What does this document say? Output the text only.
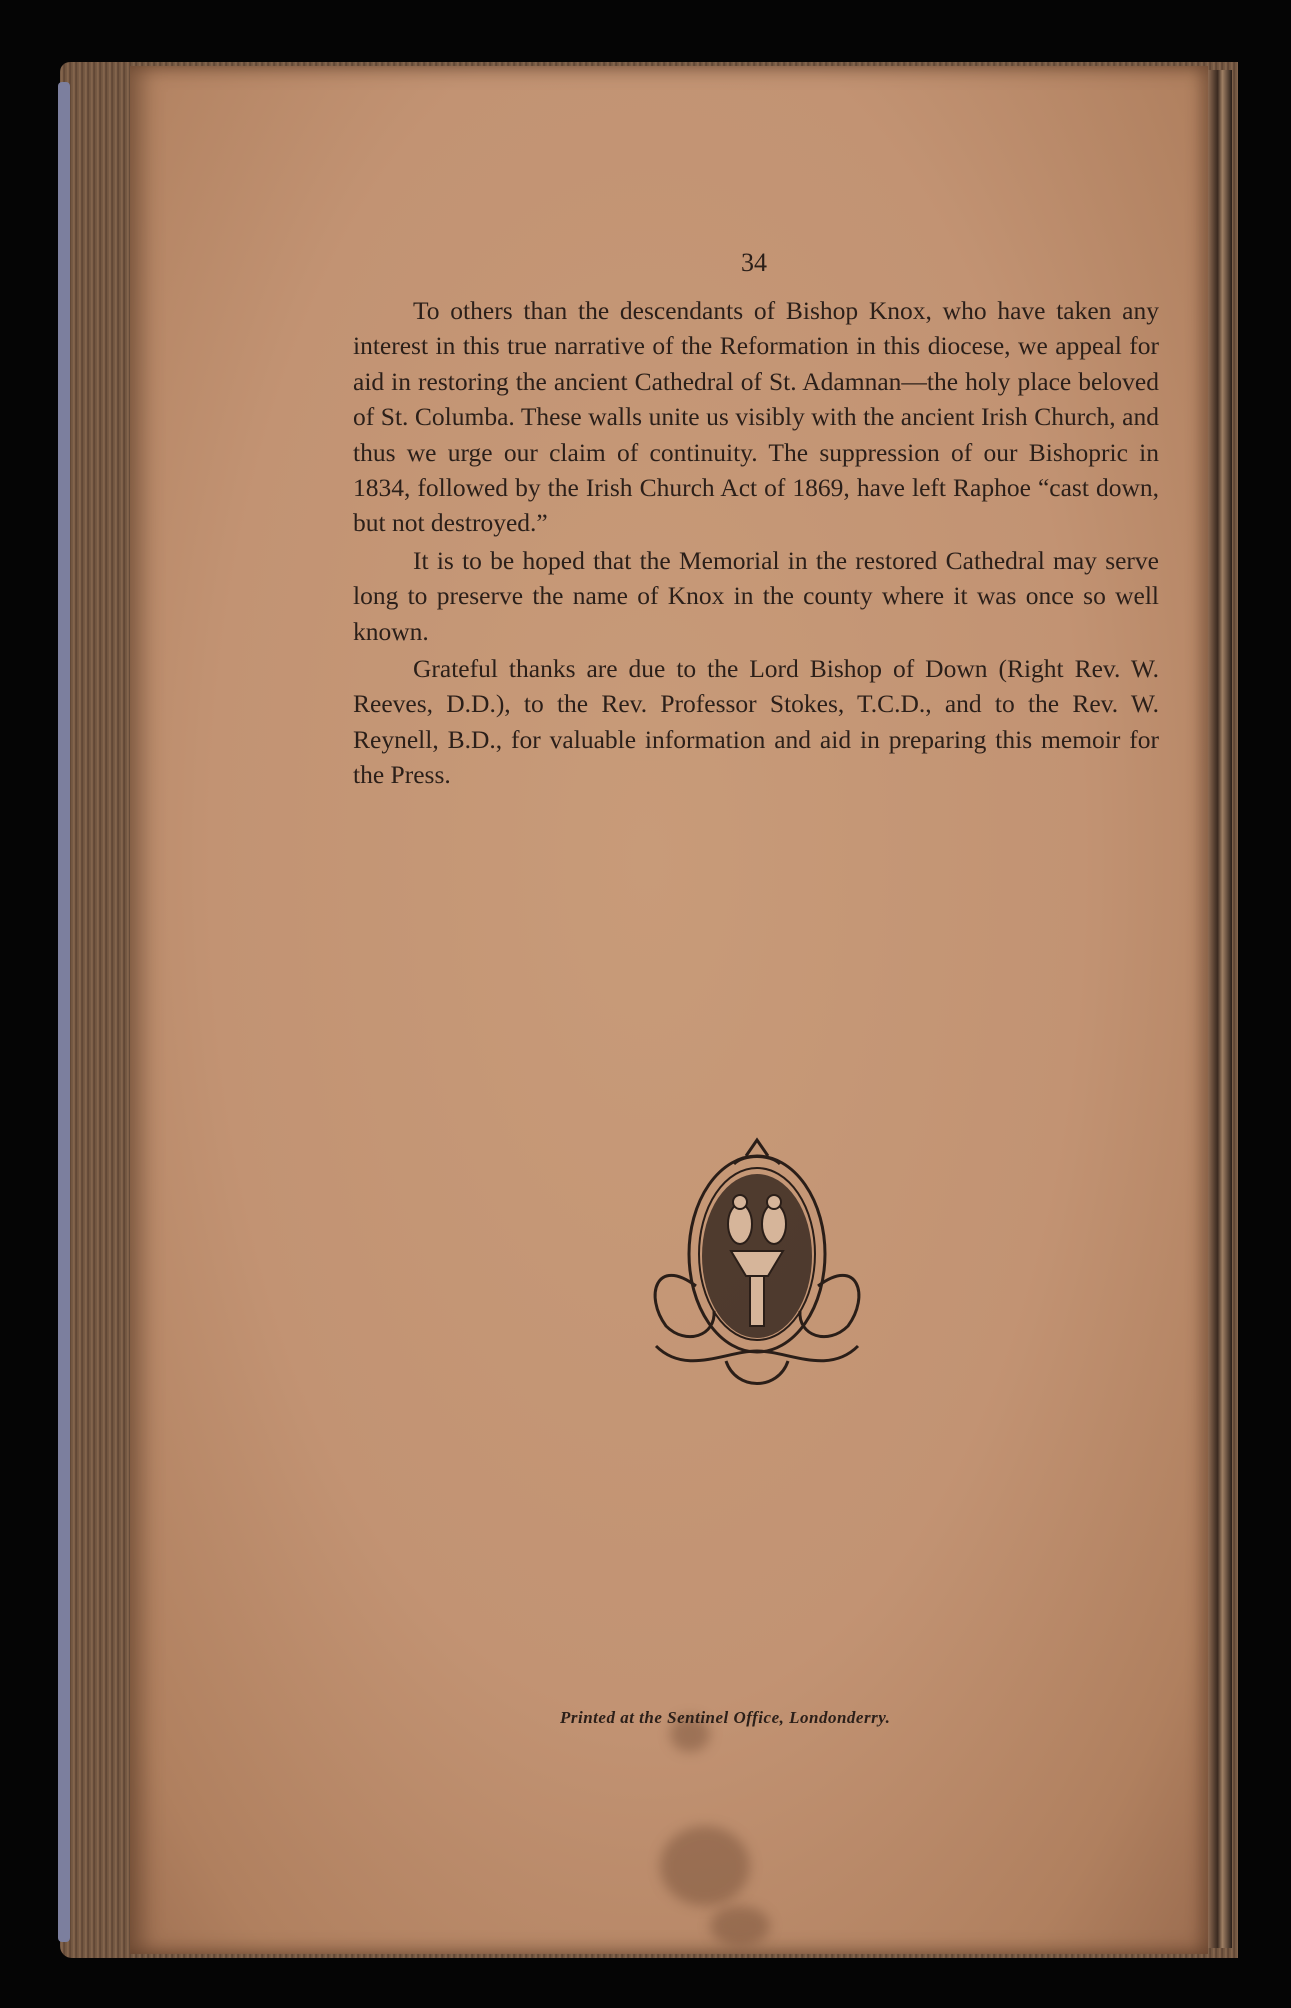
34

To others than the descendants of Bishop Knox, who have taken any interest in this true narrative of the Reformation in this diocese, we appeal for aid in restoring the ancient Cathedral of St. Adamnan—the holy place beloved of St. Columba. These walls unite us visibly with the ancient Irish Church, and thus we urge our claim of continuity. The suppression of our Bishopric in 1834, followed by the Irish Church Act of 1869, have left Raphoe “cast down, but not destroyed.”

It is to be hoped that the Memorial in the restored Cathedral may serve long to preserve the name of Knox in the county where it was once so well known.

Grateful thanks are due to the Lord Bishop of Down (Right Rev. W. Reeves, D.D.), to the Rev. Professor Stokes, T.C.D., and to the Rev. W. Reynell, B.D., for valuable information and aid in preparing this memoir for the Press.

Printed at the Sentinel Office, Londonderry.
